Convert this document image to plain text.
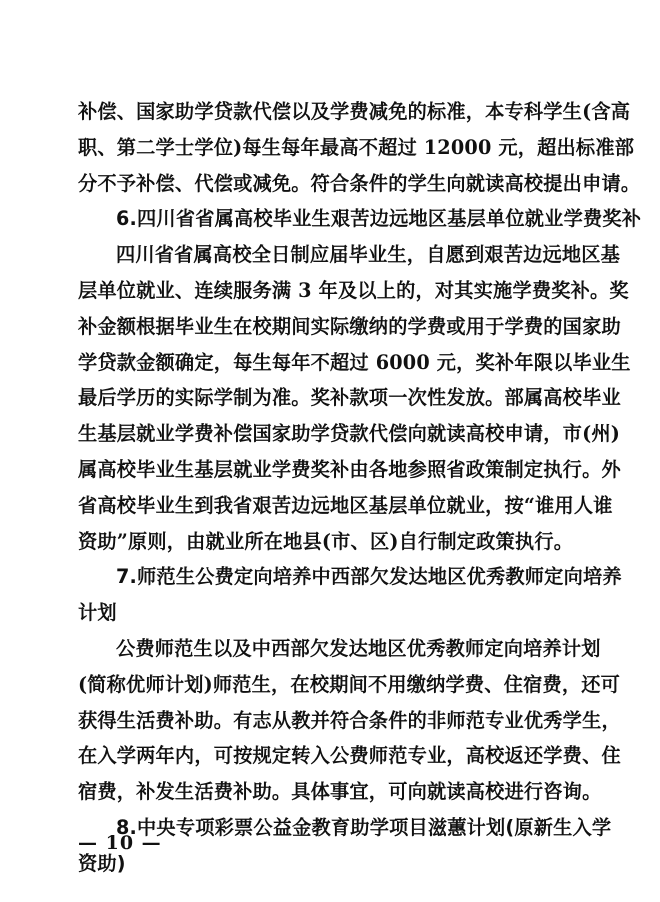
补偿、国家助学贷款代偿以及学费减免的标准，本专科学生(含高
职、第二学士学位)每生每年最高不超过 12000 元，超出标准部
分不予补偿、代偿或减免。符合条件的学生向就读高校提出申请。
6.四川省省属高校毕业生艰苦边远地区基层单位就业学费奖补
四川省省属高校全日制应届毕业生，自愿到艰苦边远地区基
层单位就业、连续服务满 3 年及以上的，对其实施学费奖补。奖
补金额根据毕业生在校期间实际缴纳的学费或用于学费的国家助
学贷款金额确定，每生每年不超过 6000 元，奖补年限以毕业生
最后学历的实际学制为准。奖补款项一次性发放。部属高校毕业
生基层就业学费补偿国家助学贷款代偿向就读高校申请，市(州)
属高校毕业生基层就业学费奖补由各地参照省政策制定执行。外
省高校毕业生到我省艰苦边远地区基层单位就业，按“谁用人谁
资助”原则，由就业所在地县(市、区)自行制定政策执行。
7.师范生公费定向培养中西部欠发达地区优秀教师定向培养
计划
公费师范生以及中西部欠发达地区优秀教师定向培养计划
(简称优师计划)师范生，在校期间不用缴纳学费、住宿费，还可
获得生活费补助。有志从教并符合条件的非师范专业优秀学生，
在入学两年内，可按规定转入公费师范专业，高校返还学费、住
宿费，补发生活费补助。具体事宜，可向就读高校进行咨询。
8.中央专项彩票公益金教育助学项目滋蕙计划(原新生入学
资助)
— 10 —
